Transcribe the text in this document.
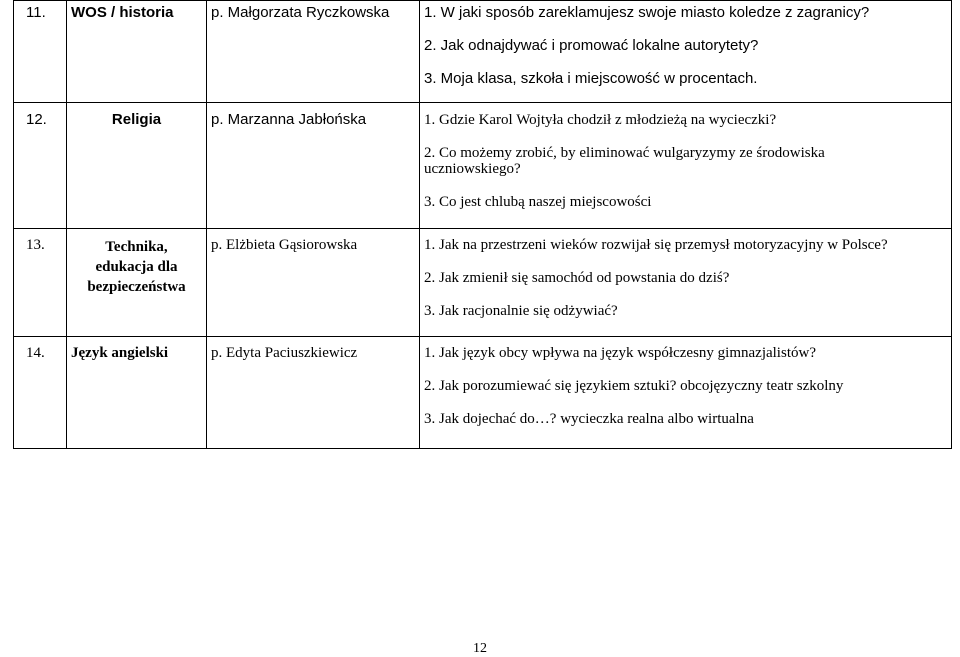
11.	WOS / historia	p. Małgorzata Ryczkowska	1. W jaki sposób zareklamujesz swoje miasto koledze z zagranicy?
2. Jak odnajdywać i promować lokalne autorytety?
3. Moja klasa, szkoła i miejscowość w procentach.

12.	Religia	p. Marzanna Jabłońska	1. Gdzie Karol Wojtyła chodził z młodzieżą na wycieczki?
2. Co możemy zrobić, by eliminować wulgaryzymy ze środowiska uczniowskiego?
3. Co jest chlubą naszej miejscowości

13.	Technika, edukacja dla bezpieczeństwa	p. Elżbieta Gąsiorowska	1. Jak na przestrzeni wieków rozwijał się przemysł motoryzacyjny w Polsce?
2. Jak zmienił się samochód od powstania do dziś?
3. Jak racjonalnie się odżywiać?

14.	Język angielski	p. Edyta Paciuszkiewicz	1. Jak język obcy wpływa na język współczesny gimnazjalistów?
2. Jak porozumiewać się językiem sztuki? obcojęzyczny teatr szkolny
3. Jak dojechać do…? wycieczka realna albo wirtualna
12
